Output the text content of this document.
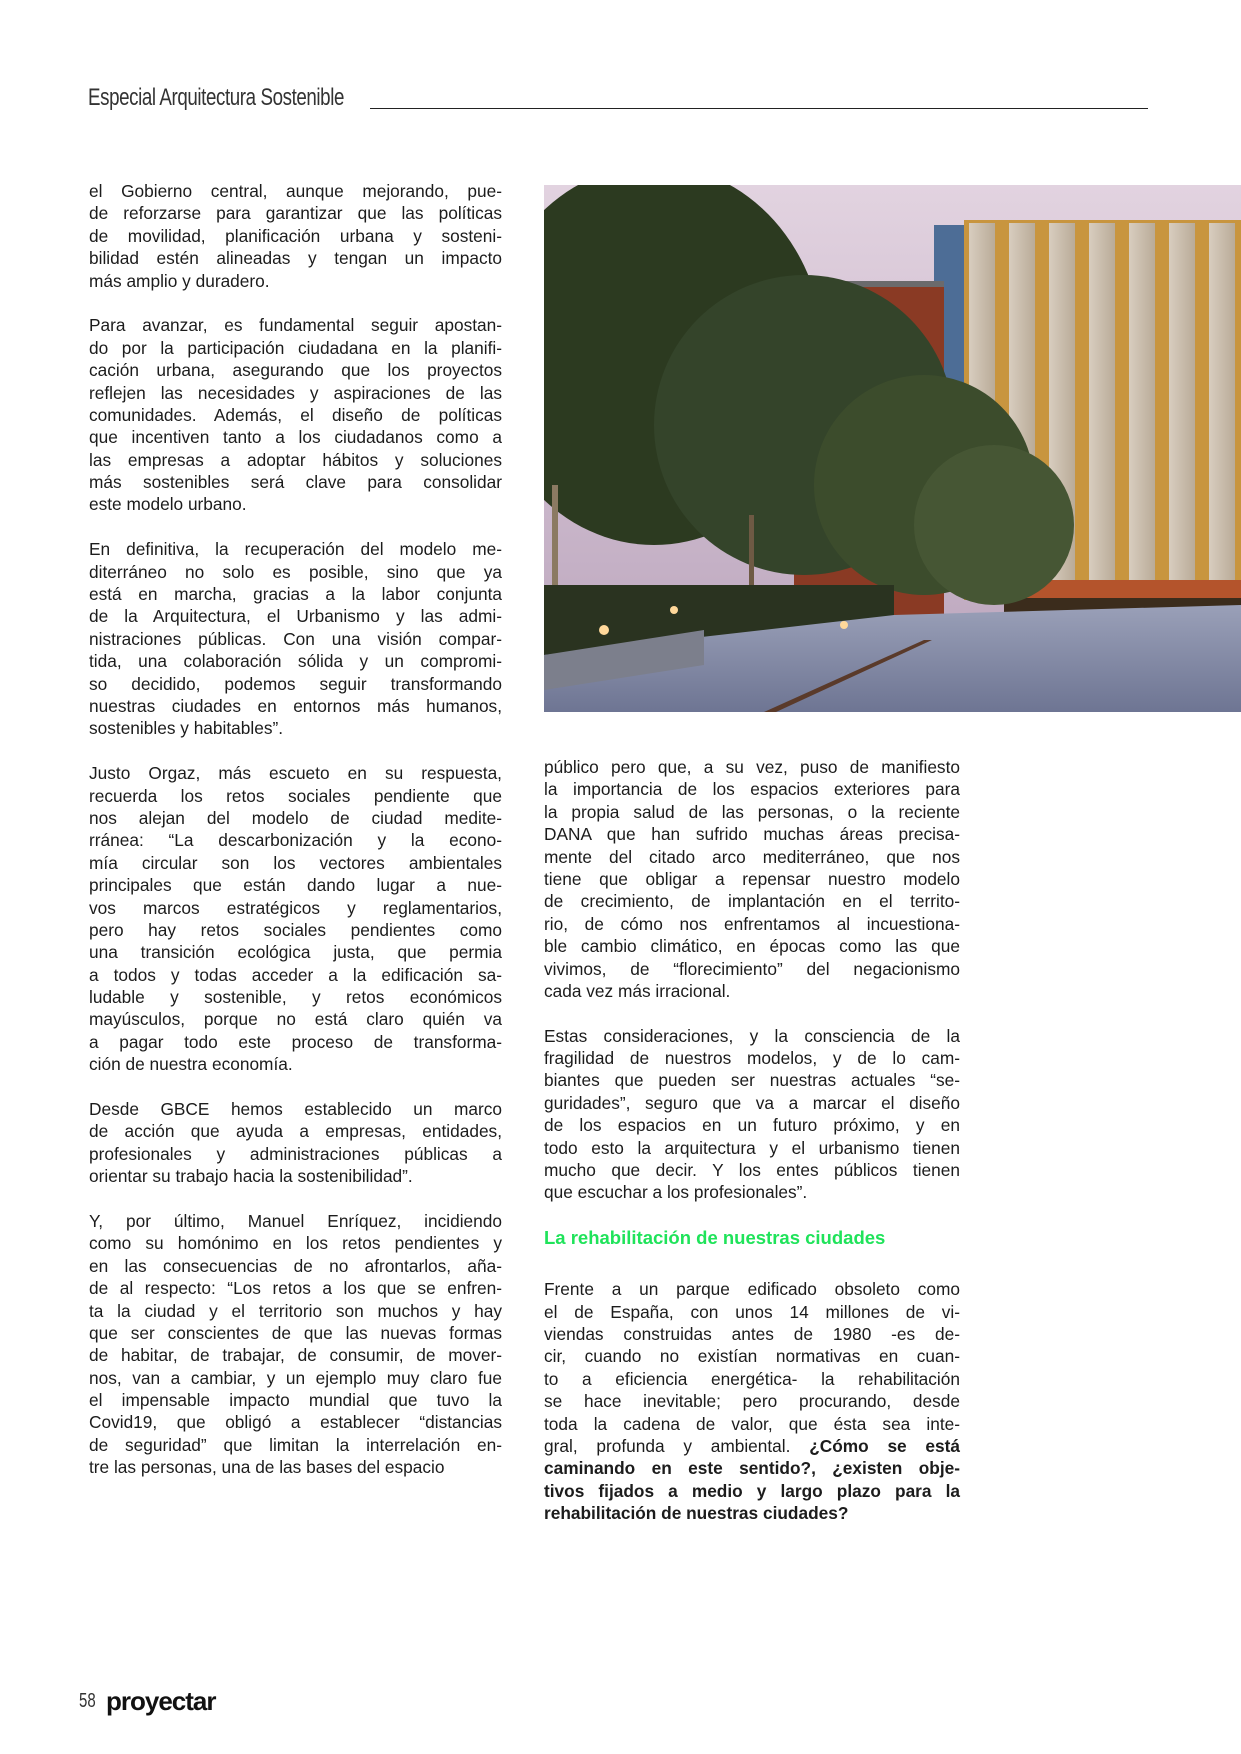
Especial Arquitectura Sostenible
el Gobierno central, aunque mejorando, pue-
de reforzarse para garantizar que las políticas
de movilidad, planificación urbana y sosteni-
bilidad estén alineadas y tengan un impacto
más amplio y duradero.
Para avanzar, es fundamental seguir apostan-
do por la participación ciudadana en la planifi-
cación urbana, asegurando que los proyectos
reflejen las necesidades y aspiraciones de las
comunidades. Además, el diseño de políticas
que incentiven tanto a los ciudadanos como a
las empresas a adoptar hábitos y soluciones
más sostenibles será clave para consolidar
este modelo urbano.
En definitiva, la recuperación del modelo me-
diterráneo no solo es posible, sino que ya
está en marcha, gracias a la labor conjunta
de la Arquitectura, el Urbanismo y las admi-
nistraciones públicas. Con una visión compar-
tida, una colaboración sólida y un compromi-
so decidido, podemos seguir transformando
nuestras ciudades en entornos más humanos,
sostenibles y habitables”.
Justo Orgaz, más escueto en su respuesta,
recuerda los retos sociales pendiente que
nos alejan del modelo de ciudad medite-
rránea: “La descarbonización y la econo-
mía circular son los vectores ambientales
principales que están dando lugar a nue-
vos marcos estratégicos y reglamentarios,
pero hay retos sociales pendientes como
una transición ecológica justa, que permia
a todos y todas acceder a la edificación sa-
ludable y sostenible, y retos económicos
mayúsculos, porque no está claro quién va
a pagar todo este proceso de transforma-
ción de nuestra economía.
Desde GBCE hemos establecido un marco
de acción que ayuda a empresas, entidades,
profesionales y administraciones públicas a
orientar su trabajo hacia la sostenibilidad”.
Y, por último, Manuel Enríquez, incidiendo
como su homónimo en los retos pendientes y
en las consecuencias de no afrontarlos, aña-
de al respecto: “Los retos a los que se enfren-
ta la ciudad y el territorio son muchos y hay
que ser conscientes de que las nuevas formas
de habitar, de trabajar, de consumir, de mover-
nos, van a cambiar, y un ejemplo muy claro fue
el impensable impacto mundial que tuvo la
Covid19, que obligó a establecer “distancias
de seguridad” que limitan la interrelación en-
tre las personas, una de las bases del espacio
público pero que, a su vez, puso de manifiesto
la importancia de los espacios exteriores para
la propia salud de las personas, o la reciente
DANA que han sufrido muchas áreas precisa-
mente del citado arco mediterráneo, que nos
tiene que obligar a repensar nuestro modelo
de crecimiento, de implantación en el territo-
rio, de cómo nos enfrentamos al incuestiona-
ble cambio climático, en épocas como las que
vivimos, de “florecimiento” del negacionismo
cada vez más irracional.
Estas consideraciones, y la consciencia de la
fragilidad de nuestros modelos, y de lo cam-
biantes que pueden ser nuestras actuales “se-
guridades”, seguro que va a marcar el diseño
de los espacios en un futuro próximo, y en
todo esto la arquitectura y el urbanismo tienen
mucho que decir. Y los entes públicos tienen
que escuchar a los profesionales”.
La rehabilitación de nuestras ciudades
Frente a un parque edificado obsoleto como
el de España, con unos 14 millones de vi-
viendas construidas antes de 1980 -es de-
cir, cuando no existían normativas en cuan-
to a eficiencia energética- la rehabilitación
se hace inevitable; pero procurando, desde
toda la cadena de valor, que ésta sea inte-
gral, profunda y ambiental. ¿Cómo se está
caminando en este sentido?, ¿existen obje-
tivos fijados a medio y largo plazo para la
rehabilitación de nuestras ciudades?
58 proyectar
